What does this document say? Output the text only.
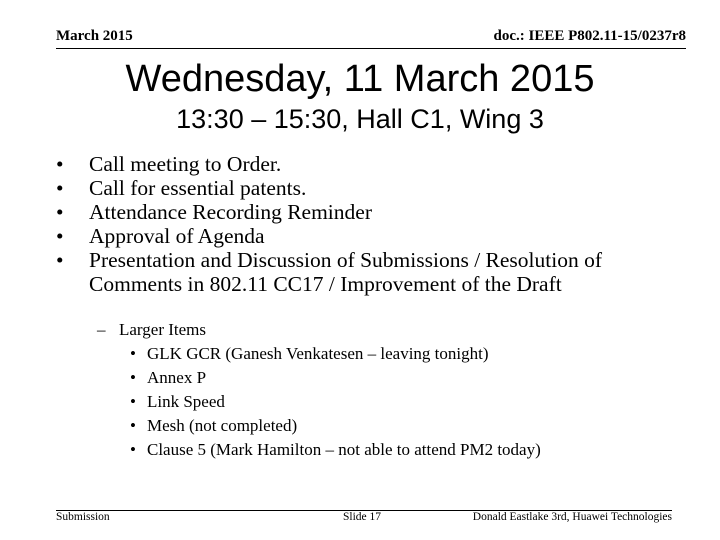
March 2015	doc.: IEEE P802.11-15/0237r8
Wednesday, 11 March 2015
13:30 – 15:30, Hall C1, Wing 3
•	Call meeting to Order.
•	Call for essential patents.
•	Attendance Recording Reminder
•	Approval of Agenda
•	Presentation and Discussion of Submissions / Resolution of Comments in 802.11 CC17 / Improvement of the Draft
– Larger Items
• GLK GCR (Ganesh Venkatesen – leaving tonight)
• Annex P
• Link Speed
• Mesh (not completed)
• Clause 5 (Mark Hamilton – not able to attend PM2 today)
Submission	Slide 17	Donald Eastlake 3rd, Huawei Technologies
